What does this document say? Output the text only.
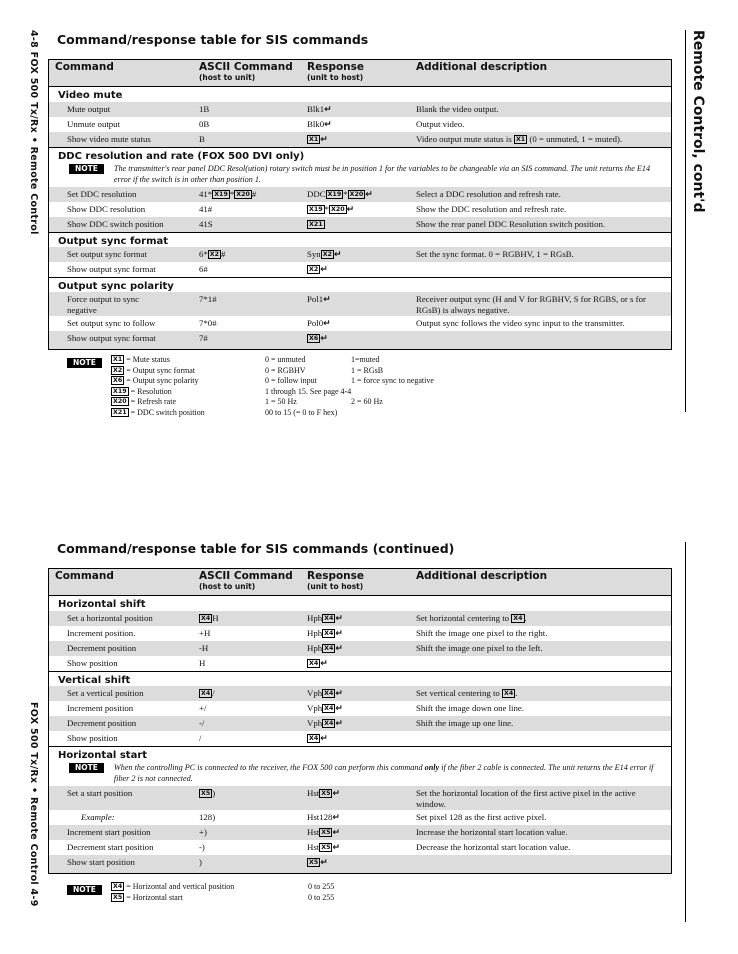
4-8 FOX 500 Tx/Rx • Remote Control	Remote Control, cont'd
FOX 500 Tx/Rx • Remote Control 4-9
Command/response table for SIS commands
Command	ASCII Command
(host to unit)
Response
(unit to host)
Additional description
Video mute
Mute output	1B	Blk1↵	Blank the video output.
Unmute output	0B	Blk0↵	Output video.
Show video mute status	B	X1 ↵	Video output mute status is X1 (0 = unmuted, 1 = muted).
DDC resolution and rate (FOX 500 DVI only)
NOTE	The transmitter's rear panel DDC Resol(ution) rotary switch must be in position 1 for the variables to be changeable via an SIS command. The unit returns the E14 error if the switch is in other than position 1.
Set DDC resolution	41* X19 * X20 #	DDC X19 * X20 ↵	Select a DDC resolution and refresh rate.
Show DDC resolution	41#	X19 * X20 ↵	Show the DDC resolution and refresh rate.
Show DDC switch position	41S	X21	Show the rear panel DDC Resolution switch position.
Output sync format
Set output sync format	6* X2 #	Syn X2 ↵	Set the sync format. 0 = RGBHV, 1 = RGsB.
Show output sync format	6#	X2 ↵
Output sync polarity
Force output to sync negative
7*1#	Pol1↵	Receiver output sync (H and V for RGBHV, S for RGBS, or s for RGsB) is always negative.
Set output sync to follow	7*0#	Pol0↵	Output sync follows the video sync input to the transmitter.
Show output sync format	7#	X6 ↵
NOTE	X1 = Mute status	0 = unmuted	1=muted
X2 = Output sync format	0 = RGBHV	1 = RGsB
X6 = Output sync polarity	0 = follow input	1 = force sync to negative
X19 = Resolution	1 through 15. See page 4-4
X20 = Refresh rate	1 = 50 Hz	2 = 60 Hz
X21 = DDC switch position	00 to 15 (= 0 to F hex)
Command/response table for SIS commands (continued)
Command	ASCII Command
(host to unit)
Response
(unit to host)
Additional description
Horizontal shift
Set a horizontal position	X4 H	Hph X4 ↵	Set horizontal centering to X4 .
Increment position.	+H	Hph X4 ↵	Shift the image one pixel to the right.
Decrement position	-H	Hph X4 ↵	Shift the image one pixel to the left.
Show position	H	X4 ↵
Vertical shift
Set a vertical position	X4 /	Vph X4 ↵	Set vertical centering to X4 .
Increment position	+/	Vph X4 ↵	Shift the image down one line.
Decrement position	-/	Vph X4 ↵	Shift the image up one line.
Show position	/	X4 ↵
Horizontal start
NOTE	When the controlling PC is connected to the receiver, the FOX 500 can perform this command only if the fiber 2 cable is connected. The unit returns the E14 error if fiber 2 is not connected.
Set a start position	X5 )	Hst X5 ↵	Set the horizontal location of the first active pixel in the active window.
Example:	128)	Hst128↵	Set pixel 128 as the first active pixel.
Increment start position	+)	Hst X5 ↵	Increase the horizontal start location value.
Decrement start position	-)	Hst X5 ↵	Decrease the horizontal start location value.
Show start position	)	X5 ↵
NOTE	X4 = Horizontal and vertical position	0 to 255
X5 = Horizontal start	0 to 255
